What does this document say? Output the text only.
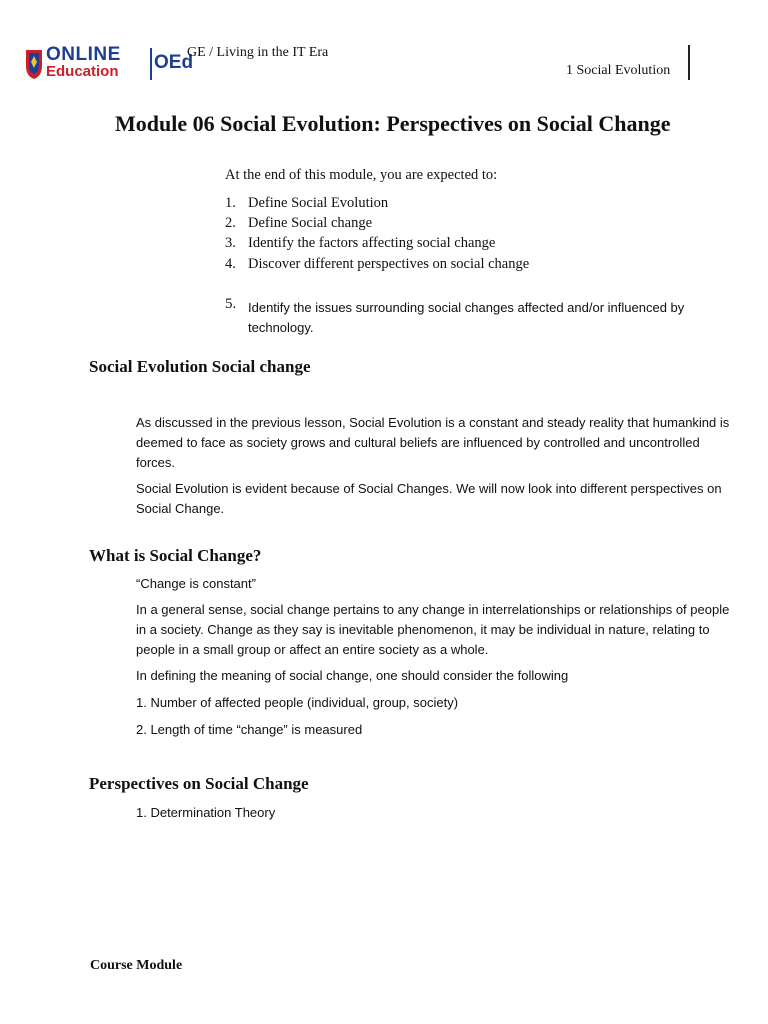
ONLINE
Education OEd
GE / Living in the IT Era
1 Social Evolution
Module 06 Social Evolution: Perspectives on Social Change
At the end of this module, you are expected to:
1. Define Social Evolution
2. Define Social change
3. Identify the factors affecting social change
4. Discover different perspectives on social change
5. Identify the issues surrounding social changes affected and/or influenced by technology.
Social Evolution Social change
As discussed in the previous lesson, Social Evolution is a constant and steady reality that humankind is deemed to face as society grows and cultural beliefs are influenced by controlled and uncontrolled forces.
Social Evolution is evident because of Social Changes. We will now look into different perspectives on Social Change.
What is Social Change?
“Change is constant”
In a general sense, social change pertains to any change in interrelationships or relationships of people in a society. Change as they say is inevitable phenomenon, it may be individual in nature, relating to people in a small group or affect an entire society as a whole.
In defining the meaning of social change, one should consider the following
1. Number of affected people (individual, group, society)
2. Length of time “change” is measured
Perspectives on Social Change
1. Determination Theory
Course Module
